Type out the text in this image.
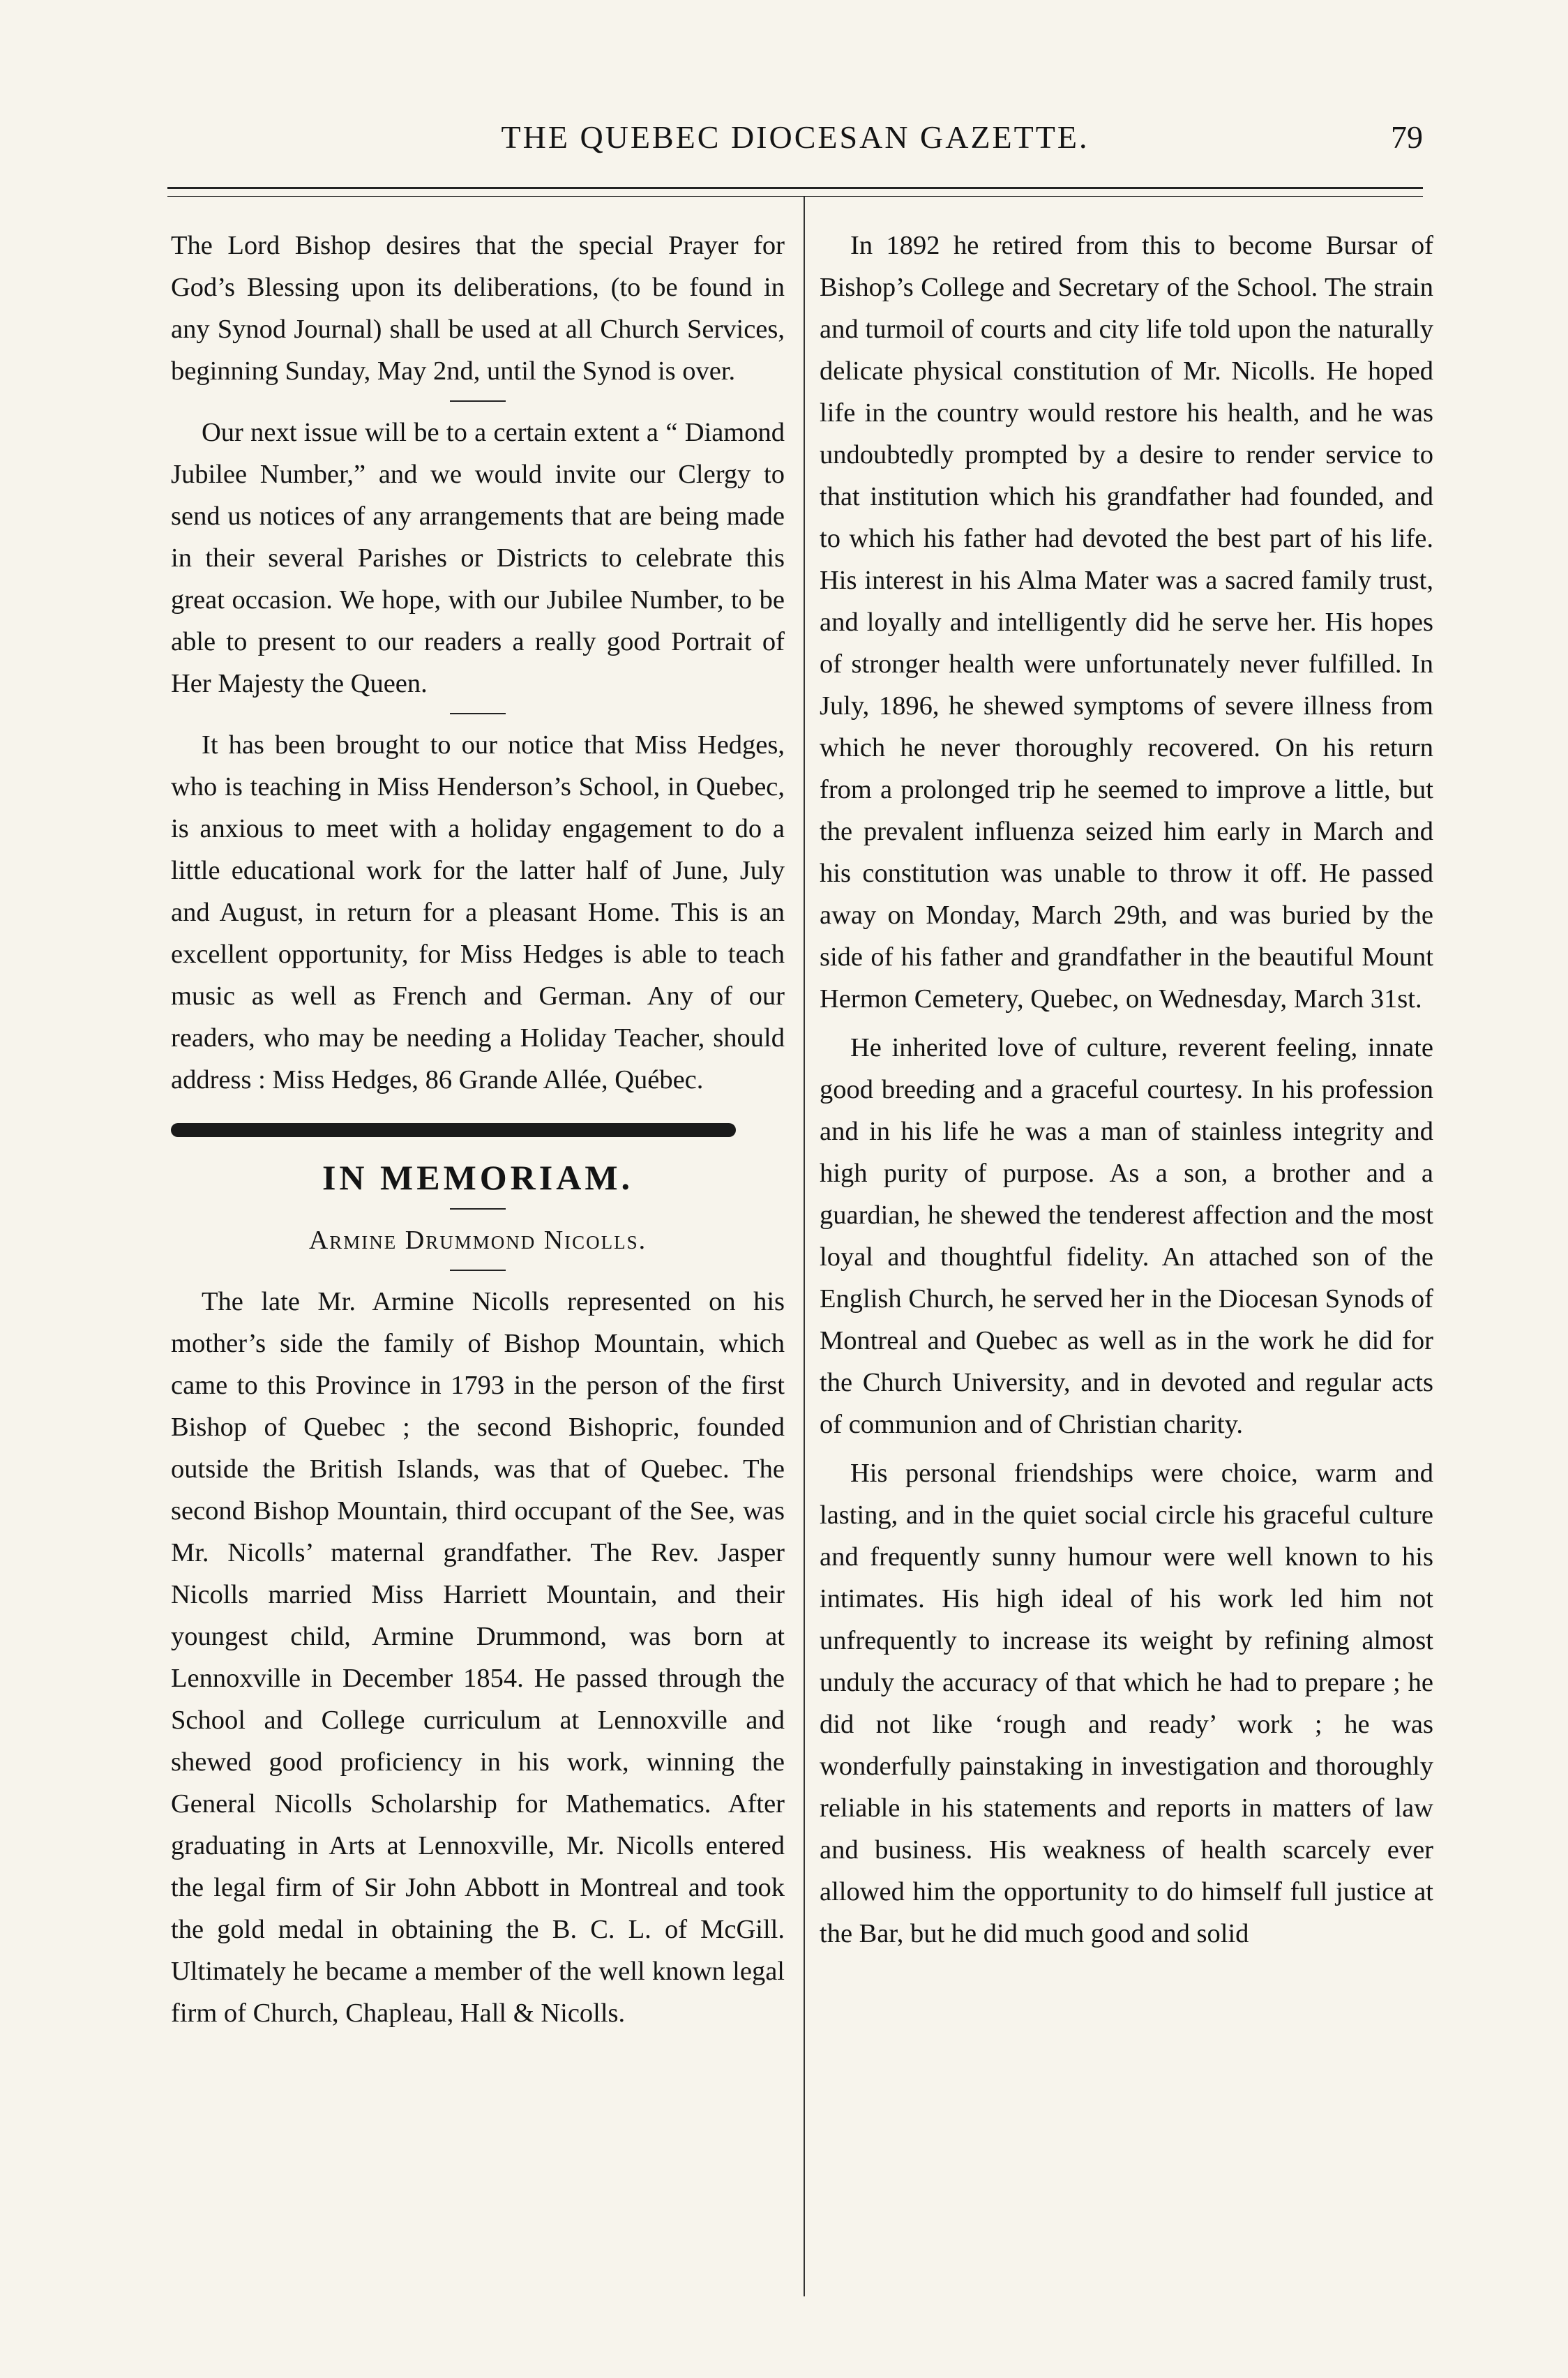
THE QUEBEC DIOCESAN GAZETTE.	79

The Lord Bishop desires that the special Prayer for God’s Blessing upon its deliberations, (to be found in any Synod Journal) shall be used at all Church Services, beginning Sunday, May 2nd, until the Synod is over.

Our next issue will be to a certain extent a “ Diamond Jubilee Number,” and we would invite our Clergy to send us notices of any arrangements that are being made in their several Parishes or Districts to celebrate this great occasion. We hope, with our Jubilee Number, to be able to present to our readers a really good Portrait of Her Majesty the Queen.

It has been brought to our notice that Miss Hedges, who is teaching in Miss Henderson’s School, in Quebec, is anxious to meet with a holiday engagement to do a little educational work for the latter half of June, July and August, in return for a pleasant Home. This is an excellent opportunity, for Miss Hedges is able to teach music as well as French and German. Any of our readers, who may be needing a Holiday Teacher, should address : Miss Hedges, 86 Grande Allée, Québec.

IN MEMORIAM.
Armine Drummond Nicolls.

The late Mr. Armine Nicolls represented on his mother’s side the family of Bishop Mountain, which came to this Province in 1793 in the person of the first Bishop of Quebec ; the second Bishopric, founded outside the British Islands, was that of Quebec. The second Bishop Mountain, third occupant of the See, was Mr. Nicolls’ maternal grandfather. The Rev. Jasper Nicolls married Miss Harriett Mountain, and their youngest child, Armine Drummond, was born at Lennoxville in December 1854. He passed through the School and College curriculum at Lennoxville and shewed good proficiency in his work, winning the General Nicolls Scholarship for Mathematics. After graduating in Arts at Lennoxville, Mr. Nicolls entered the legal firm of Sir John Abbott in Montreal and took the gold medal in obtaining the B. C. L. of McGill. Ultimately he became a member of the well known legal firm of Church, Chapleau, Hall & Nicolls.

In 1892 he retired from this to become Bursar of Bishop’s College and Secretary of the School. The strain and turmoil of courts and city life told upon the naturally delicate physical constitution of Mr. Nicolls. He hoped life in the country would restore his health, and he was undoubtedly prompted by a desire to render service to that institution which his grandfather had founded, and to which his father had devoted the best part of his life. His interest in his Alma Mater was a sacred family trust, and loyally and intelligently did he serve her. His hopes of stronger health were unfortunately never fulfilled. In July, 1896, he shewed symptoms of severe illness from which he never thoroughly recovered. On his return from a prolonged trip he seemed to improve a little, but the prevalent influenza seized him early in March and his constitution was unable to throw it off. He passed away on Monday, March 29th, and was buried by the side of his father and grandfather in the beautiful Mount Hermon Cemetery, Quebec, on Wednesday, March 31st.

He inherited love of culture, reverent feeling, innate good breeding and a graceful courtesy. In his profession and in his life he was a man of stainless integrity and high purity of purpose. As a son, a brother and a guardian, he shewed the tenderest affection and the most loyal and thoughtful fidelity. An attached son of the English Church, he served her in the Diocesan Synods of Montreal and Quebec as well as in the work he did for the Church University, and in devoted and regular acts of communion and of Christian charity.

His personal friendships were choice, warm and lasting, and in the quiet social circle his graceful culture and frequently sunny humour were well known to his intimates. His high ideal of his work led him not unfrequently to increase its weight by refining almost unduly the accuracy of that which he had to prepare ; he did not like ‘rough and ready’ work ; he was wonderfully painstaking in investigation and thoroughly reliable in his statements and reports in matters of law and business. His weakness of health scarcely ever allowed him the opportunity to do himself full justice at the Bar, but he did much good and solid
